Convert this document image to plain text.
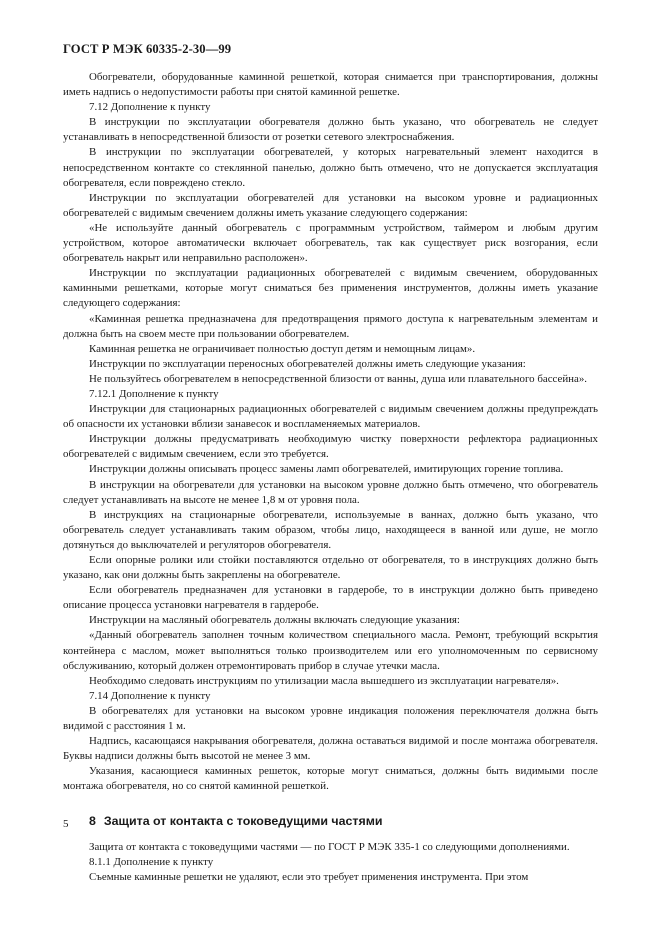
ГОСТ Р МЭК 60335-2-30—99

Обогреватели, оборудованные каминной решеткой, которая снимается при транспортирования, должны иметь надпись о недопустимости работы при снятой каминной решетке.

7.12 Дополнение к пункту

В инструкции по эксплуатации обогревателя должно быть указано, что обогреватель не следует устанавливать в непосредственной близости от розетки сетевого электроснабжения.

В инструкции по эксплуатации обогревателей, у которых нагревательный элемент находится в непосредственном контакте со стеклянной панелью, должно быть отмечено, что не допускается эксплуатация обогревателя, если повреждено стекло.

Инструкции по эксплуатации обогревателей для установки на высоком уровне и радиационных обогревателей с видимым свечением должны иметь указание следующего содержания:

«Не используйте данный обогреватель с программным устройством, таймером и любым другим устройством, которое автоматически включает обогреватель, так как существует риск возгорания, если обогреватель накрыт или неправильно расположен».

Инструкции по эксплуатации радиационных обогревателей с видимым свечением, оборудованных каминными решетками, которые могут сниматься без применения инструментов, должны иметь указание следующего содержания:

«Каминная решетка предназначена для предотвращения прямого доступа к нагревательным элементам и должна быть на своем месте при пользовании обогревателем.

Каминная решетка не ограничивает полностью доступ детям и немощным лицам».

Инструкции по эксплуатации переносных обогревателей должны иметь следующие указания:

Не пользуйтесь обогревателем в непосредственной близости от ванны, душа или плавательного бассейна».

7.12.1 Дополнение к пункту

Инструкции для стационарных радиационных обогревателей с видимым свечением должны предупреждать об опасности их установки вблизи занавесок и воспламеняемых материалов.

Инструкции должны предусматривать необходимую чистку поверхности рефлектора радиационных обогревателей с видимым свечением, если это требуется.

Инструкции должны описывать процесс замены ламп обогревателей, имитирующих горение топлива.

В инструкции на обогреватели для установки на высоком уровне должно быть отмечено, что обогреватель следует устанавливать на высоте не менее 1,8 м от уровня пола.

В инструкциях на стационарные обогреватели, используемые в ваннах, должно быть указано, что обогреватель следует устанавливать таким образом, чтобы лицо, находящееся в ванной или душе, не могло дотянуться до выключателей и регуляторов обогревателя.

Если опорные ролики или стойки поставляются отдельно от обогревателя, то в инструкциях должно быть указано, как они должны быть закреплены на обогревателе.

Если обогреватель предназначен для установки в гардеробе, то в инструкции должно быть приведено описание процесса установки нагревателя в гардеробе.

Инструкции на масляный обогреватель должны включать следующие указания:

«Данный обогреватель заполнен точным количеством специального масла. Ремонт, требующий вскрытия контейнера с маслом, может выполняться только производителем или его уполномоченным по сервисному обслуживанию, который должен отремонтировать прибор в случае утечки масла.

Необходимо следовать инструкциям по утилизации масла вышедшего из эксплуатации нагревателя».

7.14 Дополнение к пункту

В обогревателях для установки на высоком уровне индикация положения переключателя должна быть видимой с расстояния 1 м.

Надпись, касающаяся накрывания обогревателя, должна оставаться видимой и после монтажа обогревателя. Буквы надписи должны быть высотой не менее 3 мм.

Указания, касающиеся каминных решеток, которые могут сниматься, должны быть видимыми после монтажа обогревателя, но со снятой каминной решеткой.

8 Защита от контакта с токоведущими частями

Защита от контакта с токоведущими частями — по ГОСТ Р МЭК 335-1 со следующими дополнениями.

8.1.1 Дополнение к пункту

Съемные каминные решетки не удаляют, если это требует применения инструмента. При этом

5
